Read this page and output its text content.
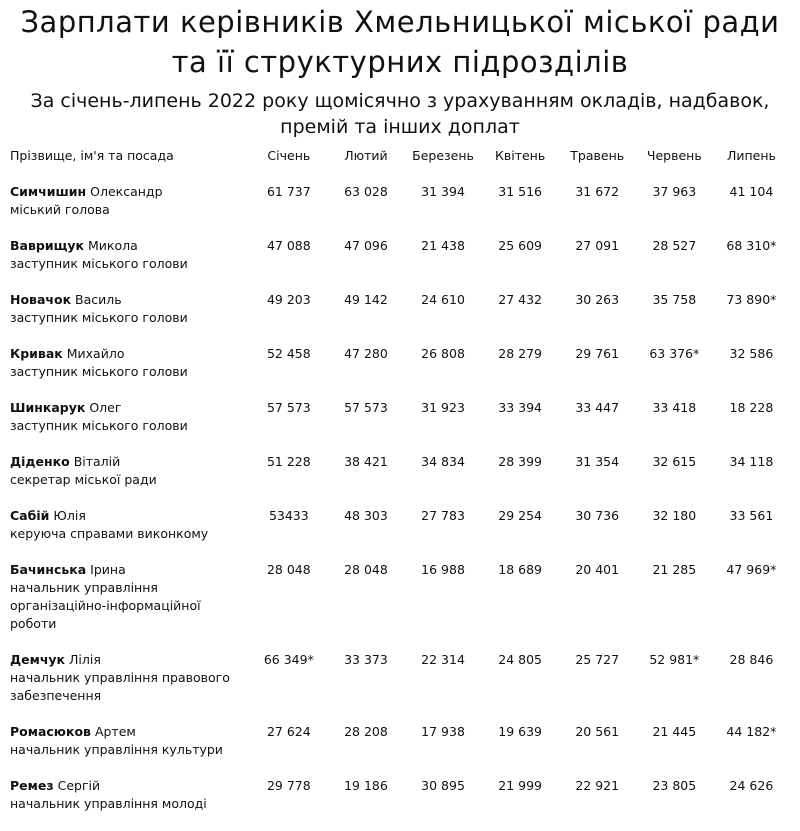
Зарплати керівників Хмельницької міської ради
та її структурних підрозділів

За січень-липень 2022 року щомісячно з урахуванням окладів, надбавок,
премій та інших доплат

Прізвище, ім'я та посада	Січень	Лютий	Березень	Квітень	Травень	Червень	Липень
Симчишин Олександр
міський голова	61 737	63 028	31 394	31 516	31 672	37 963	41 104
Ваврищук Микола
заступник міського голови	47 088	47 096	21 438	25 609	27 091	28 527	68 310*
Новачок Василь
заступник міського голови	49 203	49 142	24 610	27 432	30 263	35 758	73 890*
Кривак Михайло
заступник міського голови	52 458	47 280	26 808	28 279	29 761	63 376*	32 586
Шинкарук Олег
заступник міського голови	57 573	57 573	31 923	33 394	33 447	33 418	18 228
Діденко Віталій
секретар міської ради	51 228	38 421	34 834	28 399	31 354	32 615	34 118
Сабій Юлія
керуюча справами виконкому	53433	48 303	27 783	29 254	30 736	32 180	33 561
Бачинська Ірина
начальник управління організаційно-інформаційної роботи	28 048	28 048	16 988	18 689	20 401	21 285	47 969*
Демчук Лілія
начальник управління правового забезпечення	66 349*	33 373	22 314	24 805	25 727	52 981*	28 846
Ромасюков Артем
начальник управління культури	27 624	28 208	17 938	19 639	20 561	21 445	44 182*
Ремез Сергій
начальник управління молоді	29 778	19 186	30 895	21 999	22 921	23 805	24 626
